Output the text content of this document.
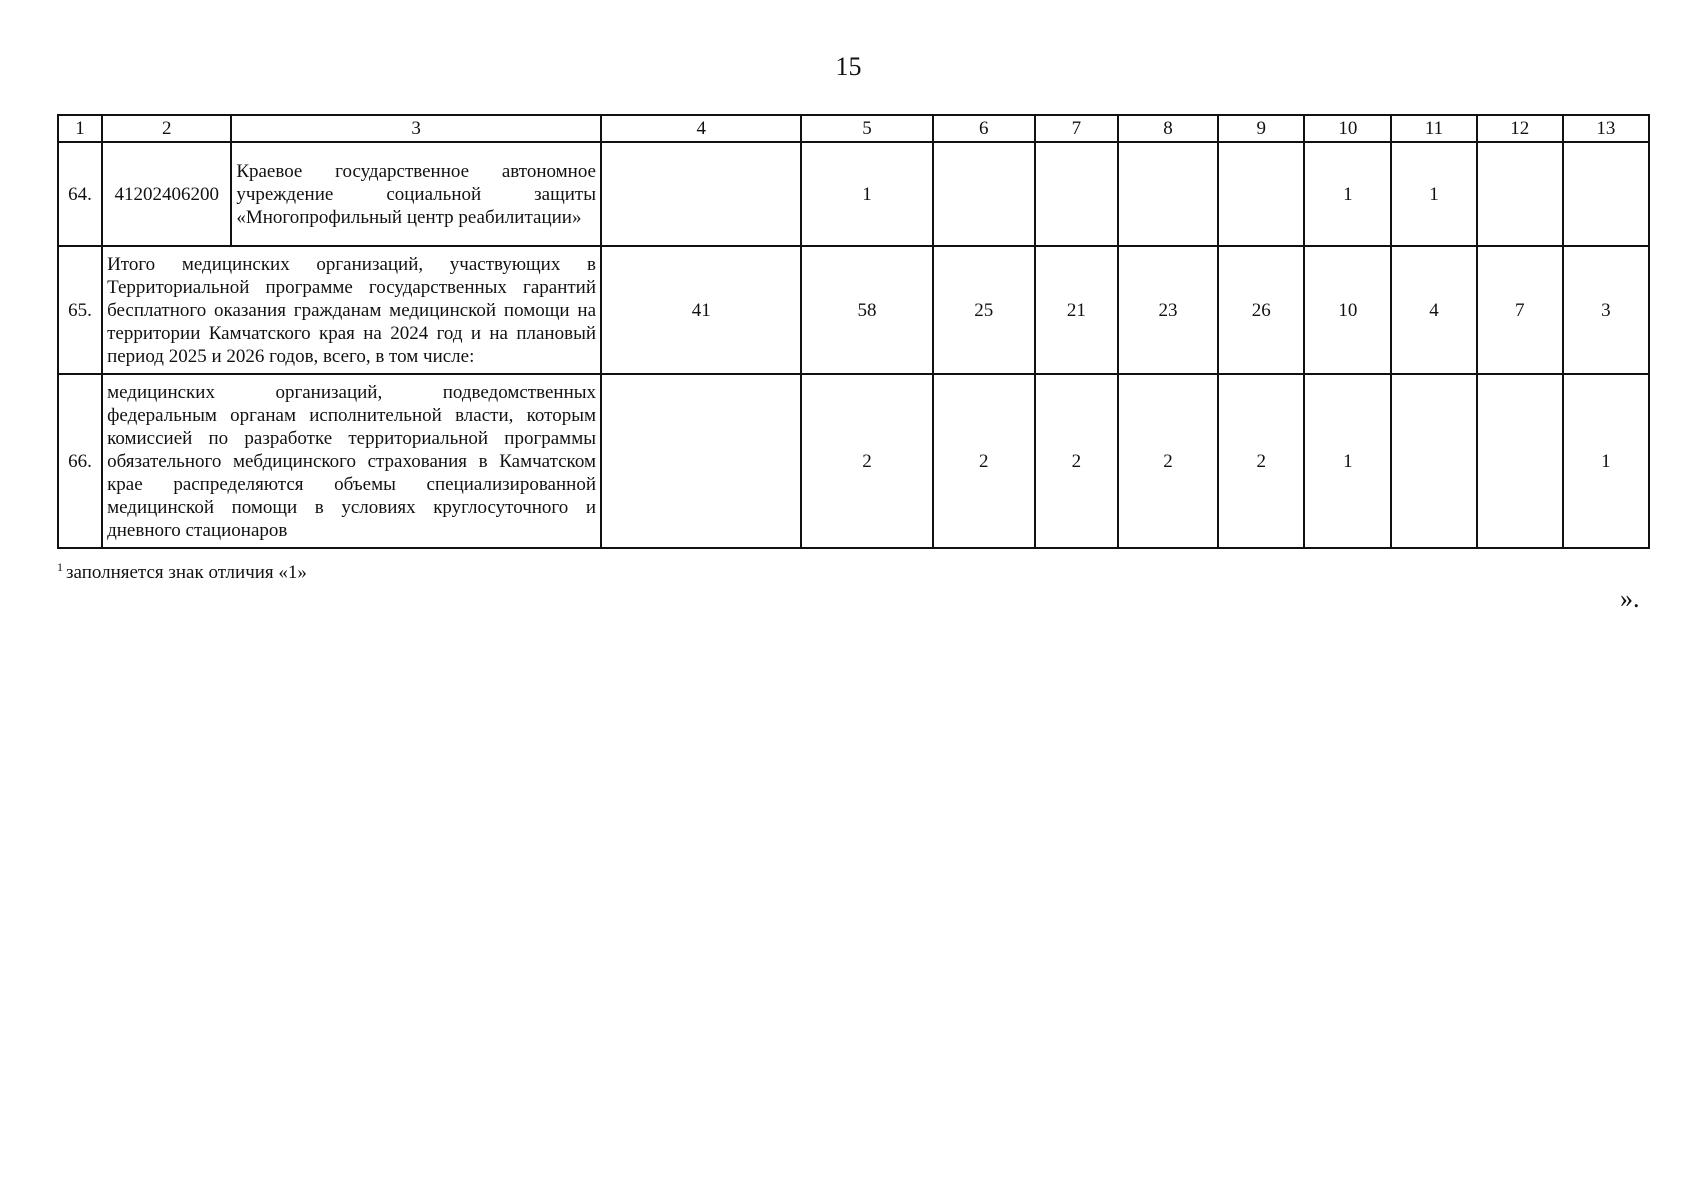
15
1	2	3	4	5	6	7	8	9	10	11	12	13
64.	41202406200	Краевое государственное автономное учреждение социальной защиты «Многопрофильный центр реабилитации»		1					1	1		
65.	Итого медицинских организаций, участвующих в Территориальной программе государственных гарантий бесплатного оказания гражданам медицинской помощи на территории Камчатского края на 2024 год и на плановый период 2025 и 2026 годов, всего, в том числе:		41	58	25	21	23	26	10	4	7	3
66.	медицинских организаций, подведомственных федеральным органам исполнительной власти, которым комиссией по разработке территориальной программы обязательного мебдицинского страхования в Камчатском крае распределяются объемы специализированной медицинской помощи в условиях круглосуточного и дневного стационаров			2	2	2	2	2	1			1
$^1$ заполняется знак отличия «1»
».
